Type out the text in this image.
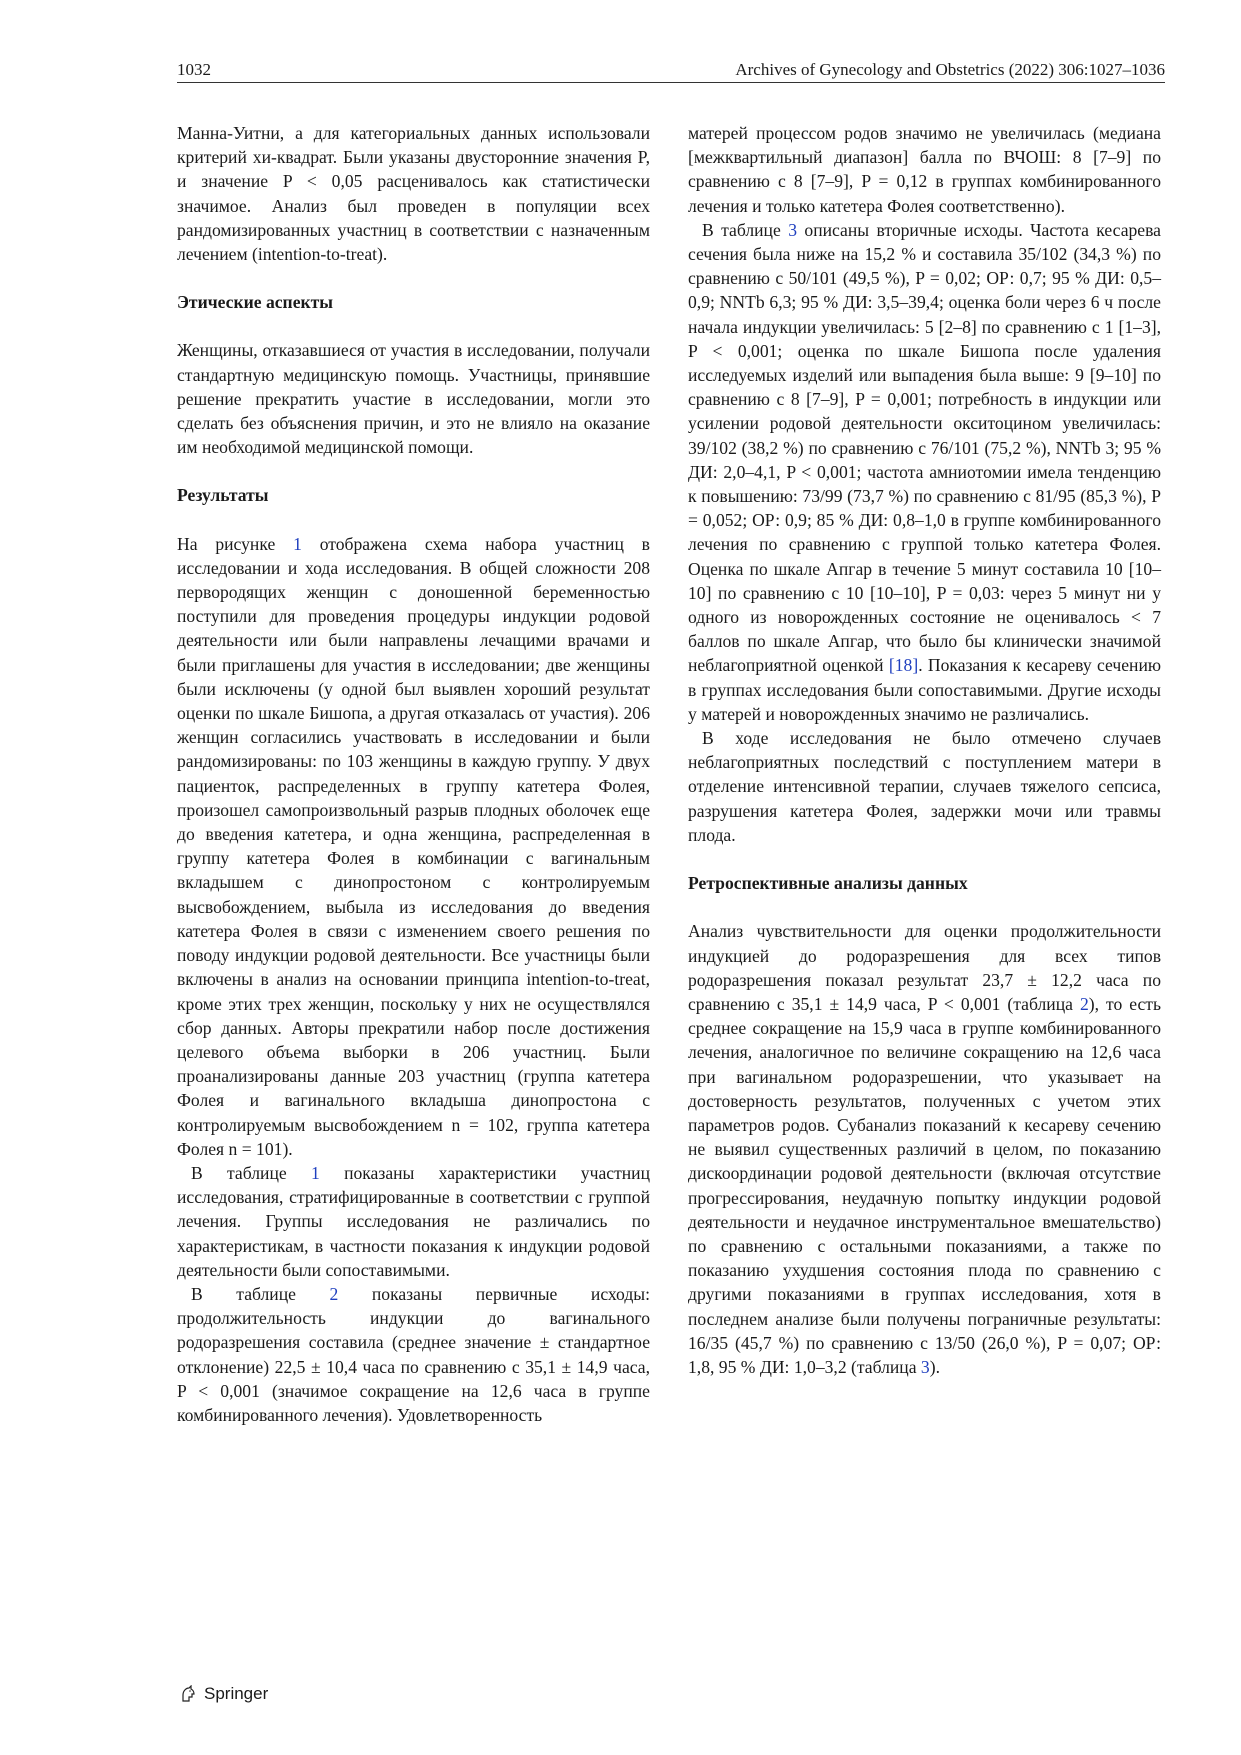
1032	Archives of Gynecology and Obstetrics (2022) 306:1027–1036

Манна-Уитни, а для категориальных данных использовали критерий хи-квадрат. Были указаны двусторонние значения P, и значение P < 0,05 расценивалось как статистически значимое. Анализ был проведен в популяции всех рандомизированных участниц в соответствии с назначенным лечением (intention-to-treat).

Этические аспекты

Женщины, отказавшиеся от участия в исследовании, получали стандартную медицинскую помощь. Участницы, принявшие решение прекратить участие в исследовании, могли это сделать без объяснения причин, и это не влияло на оказание им необходимой медицинской помощи.

Результаты

На рисунке 1 отображена схема набора участниц в исследовании и хода исследования. В общей сложности 208 первородящих женщин с доношенной беременностью поступили для проведения процедуры индукции родовой деятельности или были направлены лечащими врачами и были приглашены для участия в исследовании; две женщины были исключены (у одной был выявлен хороший результат оценки по шкале Бишопа, а другая отказалась от участия). 206 женщин согласились участвовать в исследовании и были рандомизированы: по 103 женщины в каждую группу. У двух пациенток, распределенных в группу катетера Фолея, произошел самопроизвольный разрыв плодных оболочек еще до введения катетера, и одна женщина, распределенная в группу катетера Фолея в комбинации с вагинальным вкладышем с динопростоном с контролируемым высвобождением, выбыла из исследования до введения катетера Фолея в связи с изменением своего решения по поводу индукции родовой деятельности. Все участницы были включены в анализ на основании принципа intention-to-treat, кроме этих трех женщин, поскольку у них не осуществлялся сбор данных. Авторы прекратили набор после достижения целевого объема выборки в 206 участниц. Были проанализированы данные 203 участниц (группа катетера Фолея и вагинального вкладыша динопростона с контролируемым высвобождением n = 102, группа катетера Фолея n = 101).

В таблице 1 показаны характеристики участниц исследования, стратифицированные в соответствии с группой лечения. Группы исследования не различались по характеристикам, в частности показания к индукции родовой деятельности были сопоставимыми.

В таблице 2 показаны первичные исходы: продолжительность индукции до вагинального родоразрешения составила (среднее значение ± стандартное отклонение) 22,5 ± 10,4 часа по сравнению с 35,1 ± 14,9 часа, P < 0,001 (значимое сокращение на 12,6 часа в группе комбинированного лечения). Удовлетворенность

матерей процессом родов значимо не увеличилась (медиана [межквартильный диапазон] балла по ВЧОШ: 8 [7–9] по сравнению с 8 [7–9], P = 0,12 в группах комбинированного лечения и только катетера Фолея соответственно).

В таблице 3 описаны вторичные исходы. Частота кесарева сечения была ниже на 15,2 % и составила 35/102 (34,3 %) по сравнению с 50/101 (49,5 %), P = 0,02; ОР: 0,7; 95 % ДИ: 0,5–0,9; NNTb 6,3; 95 % ДИ: 3,5–39,4; оценка боли через 6 ч после начала индукции увеличилась: 5 [2–8] по сравнению с 1 [1–3], P < 0,001; оценка по шкале Бишопа после удаления исследуемых изделий или выпадения была выше: 9 [9–10] по сравнению с 8 [7–9], P = 0,001; потребность в индукции или усилении родовой деятельности окситоцином увеличилась: 39/102 (38,2 %) по сравнению с 76/101 (75,2 %), NNTb 3; 95 % ДИ: 2,0–4,1, P < 0,001; частота амниотомии имела тенденцию к повышению: 73/99 (73,7 %) по сравнению с 81/95 (85,3 %), P = 0,052; ОР: 0,9; 85 % ДИ: 0,8–1,0 в группе комбинированного лечения по сравнению с группой только катетера Фолея. Оценка по шкале Апгар в течение 5 минут составила 10 [10–10] по сравнению с 10 [10–10], P = 0,03: через 5 минут ни у одного из новорожденных состояние не оценивалось < 7 баллов по шкале Апгар, что было бы клинически значимой неблагоприятной оценкой [18]. Показания к кесареву сечению в группах исследования были сопоставимыми. Другие исходы у матерей и новорожденных значимо не различались.

В ходе исследования не было отмечено случаев неблагоприятных последствий с поступлением матери в отделение интенсивной терапии, случаев тяжелого сепсиса, разрушения катетера Фолея, задержки мочи или травмы плода.

Ретроспективные анализы данных

Анализ чувствительности для оценки продолжительности индукцией до родоразрешения для всех типов родоразрешения показал результат 23,7 ± 12,2 часа по сравнению с 35,1 ± 14,9 часа, P < 0,001 (таблица 2), то есть среднее сокращение на 15,9 часа в группе комбинированного лечения, аналогичное по величине сокращению на 12,6 часа при вагинальном родоразрешении, что указывает на достоверность результатов, полученных с учетом этих параметров родов. Субанализ показаний к кесареву сечению не выявил существенных различий в целом, по показанию дискоординации родовой деятельности (включая отсутствие прогрессирования, неудачную попытку индукции родовой деятельности и неудачное инструментальное вмешательство) по сравнению с остальными показаниями, а также по показанию ухудшения состояния плода по сравнению с другими показаниями в группах исследования, хотя в последнем анализе были получены пограничные результаты: 16/35 (45,7 %) по сравнению с 13/50 (26,0 %), P = 0,07; ОР: 1,8, 95 % ДИ: 1,0–3,2 (таблица 3).

Springer
